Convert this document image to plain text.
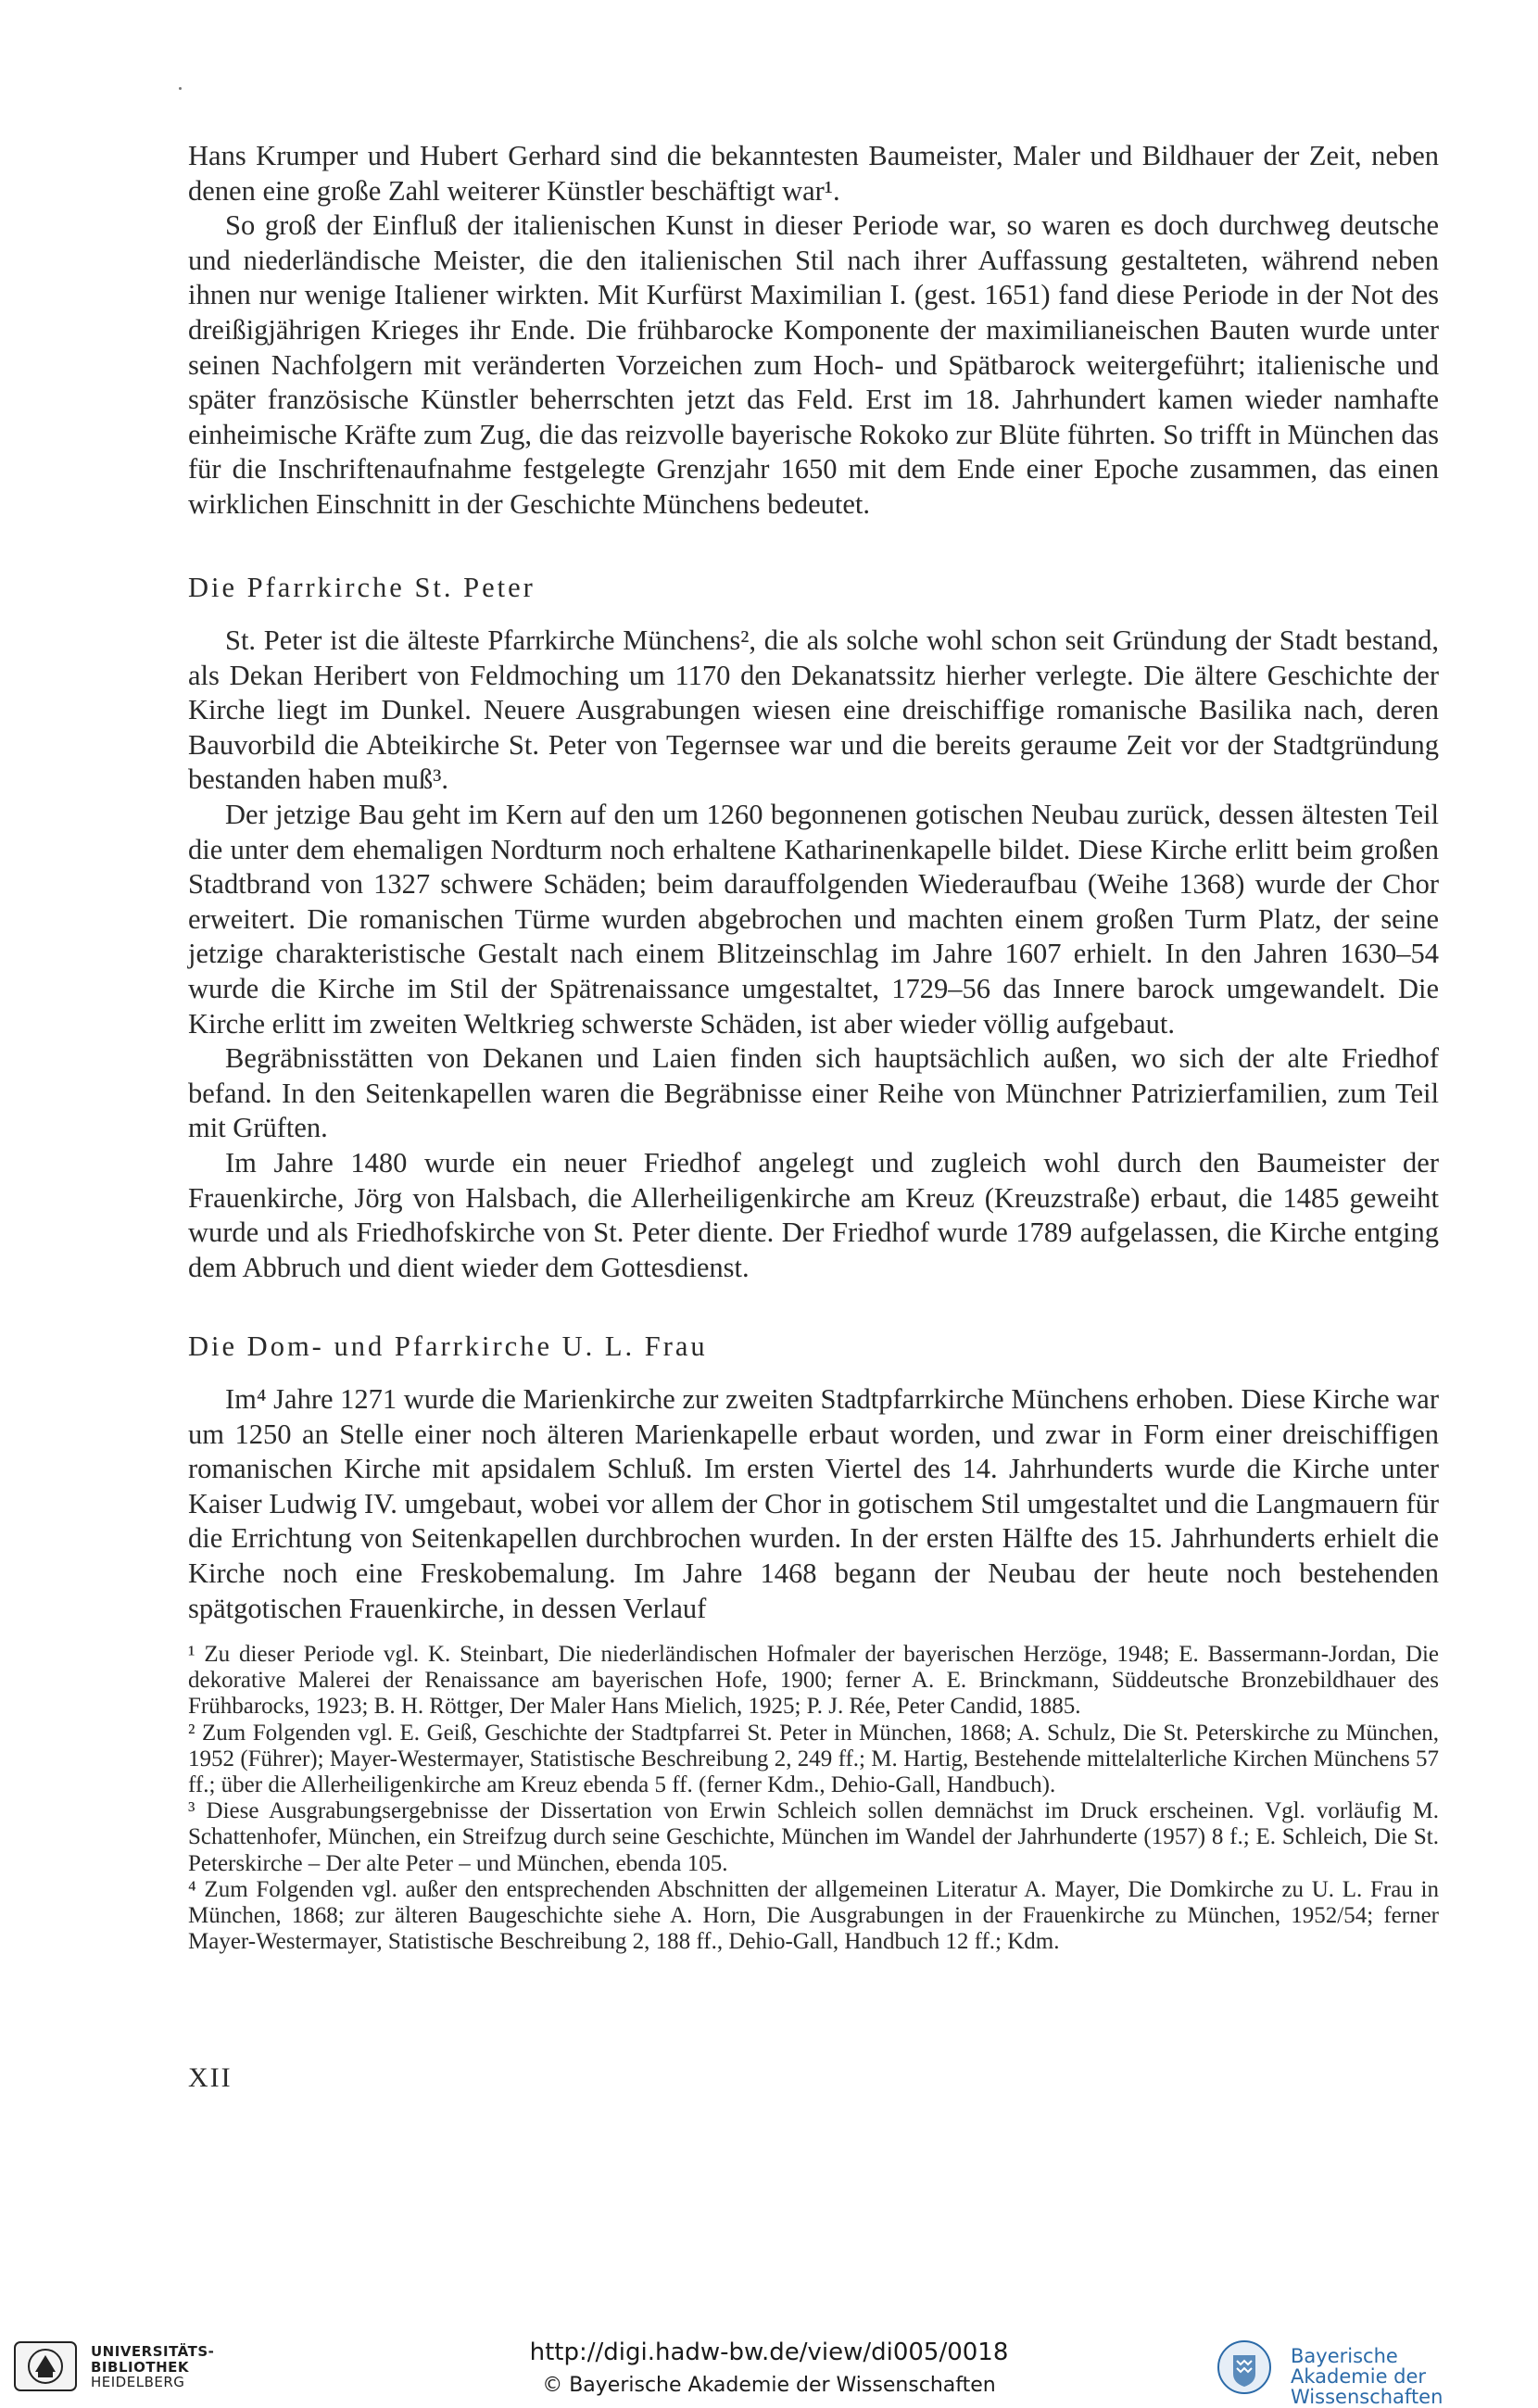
Hans Krumper und Hubert Gerhard sind die bekanntesten Baumeister, Maler und Bildhauer der Zeit, neben denen eine große Zahl weiterer Künstler beschäftigt war¹.

So groß der Einfluß der italienischen Kunst in dieser Periode war, so waren es doch durchweg deutsche und niederländische Meister, die den italienischen Stil nach ihrer Auffassung gestalteten, während neben ihnen nur wenige Italiener wirkten. Mit Kurfürst Maximilian I. (gest. 1651) fand diese Periode in der Not des dreißigjährigen Krieges ihr Ende. Die frühbarocke Komponente der maximilianeischen Bauten wurde unter seinen Nachfolgern mit veränderten Vorzeichen zum Hoch- und Spätbarock weitergeführt; italienische und später französische Künstler beherrschten jetzt das Feld. Erst im 18. Jahrhundert kamen wieder namhafte einheimische Kräfte zum Zug, die das reizvolle bayerische Rokoko zur Blüte führten. So trifft in München das für die Inschriftenaufnahme festgelegte Grenzjahr 1650 mit dem Ende einer Epoche zusammen, das einen wirklichen Einschnitt in der Geschichte Münchens bedeutet.

Die Pfarrkirche St. Peter

St. Peter ist die älteste Pfarrkirche Münchens², die als solche wohl schon seit Gründung der Stadt bestand, als Dekan Heribert von Feldmoching um 1170 den Dekanatssitz hierher verlegte. Die ältere Geschichte der Kirche liegt im Dunkel. Neuere Ausgrabungen wiesen eine dreischiffige romanische Basilika nach, deren Bauvorbild die Abteikirche St. Peter von Tegernsee war und die bereits geraume Zeit vor der Stadtgründung bestanden haben muß³.

Der jetzige Bau geht im Kern auf den um 1260 begonnenen gotischen Neubau zurück, dessen ältesten Teil die unter dem ehemaligen Nordturm noch erhaltene Katharinenkapelle bildet. Diese Kirche erlitt beim großen Stadtbrand von 1327 schwere Schäden; beim darauffolgenden Wiederaufbau (Weihe 1368) wurde der Chor erweitert. Die romanischen Türme wurden abgebrochen und machten einem großen Turm Platz, der seine jetzige charakteristische Gestalt nach einem Blitzeinschlag im Jahre 1607 erhielt. In den Jahren 1630–54 wurde die Kirche im Stil der Spätrenaissance umgestaltet, 1729–56 das Innere barock umgewandelt. Die Kirche erlitt im zweiten Weltkrieg schwerste Schäden, ist aber wieder völlig aufgebaut.

Begräbnisstätten von Dekanen und Laien finden sich hauptsächlich außen, wo sich der alte Friedhof befand. In den Seitenkapellen waren die Begräbnisse einer Reihe von Münchner Patrizierfamilien, zum Teil mit Grüften.

Im Jahre 1480 wurde ein neuer Friedhof angelegt und zugleich wohl durch den Baumeister der Frauenkirche, Jörg von Halsbach, die Allerheiligenkirche am Kreuz (Kreuzstraße) erbaut, die 1485 geweiht wurde und als Friedhofskirche von St. Peter diente. Der Friedhof wurde 1789 aufgelassen, die Kirche entging dem Abbruch und dient wieder dem Gottesdienst.

Die Dom- und Pfarrkirche U. L. Frau

Im⁴ Jahre 1271 wurde die Marienkirche zur zweiten Stadtpfarrkirche Münchens erhoben. Diese Kirche war um 1250 an Stelle einer noch älteren Marienkapelle erbaut worden, und zwar in Form einer dreischiffigen romanischen Kirche mit apsidalem Schluß. Im ersten Viertel des 14. Jahrhunderts wurde die Kirche unter Kaiser Ludwig IV. umgebaut, wobei vor allem der Chor in gotischem Stil umgestaltet und die Langmauern für die Errichtung von Seitenkapellen durchbrochen wurden. In der ersten Hälfte des 15. Jahrhunderts erhielt die Kirche noch eine Freskobemalung. Im Jahre 1468 begann der Neubau der heute noch bestehenden spätgotischen Frauenkirche, in dessen Verlauf

¹ Zu dieser Periode vgl. K. Steinbart, Die niederländischen Hofmaler der bayerischen Herzöge, 1948; E. Bassermann-Jordan, Die dekorative Malerei der Renaissance am bayerischen Hofe, 1900; ferner A. E. Brinckmann, Süddeutsche Bronzebildhauer des Frühbarocks, 1923; B. H. Röttger, Der Maler Hans Mielich, 1925; P. J. Rée, Peter Candid, 1885.

² Zum Folgenden vgl. E. Geiß, Geschichte der Stadtpfarrei St. Peter in München, 1868; A. Schulz, Die St. Peterskirche zu München, 1952 (Führer); Mayer-Westermayer, Statistische Beschreibung 2, 249 ff.; M. Hartig, Bestehende mittelalterliche Kirchen Münchens 57 ff.; über die Allerheiligenkirche am Kreuz ebenda 5 ff. (ferner Kdm., Dehio-Gall, Handbuch).

³ Diese Ausgrabungsergebnisse der Dissertation von Erwin Schleich sollen demnächst im Druck erscheinen. Vgl. vorläufig M. Schattenhofer, München, ein Streifzug durch seine Geschichte, München im Wandel der Jahrhunderte (1957) 8 f.; E. Schleich, Die St. Peterskirche – Der alte Peter – und München, ebenda 105.

⁴ Zum Folgenden vgl. außer den entsprechenden Abschnitten der allgemeinen Literatur A. Mayer, Die Domkirche zu U. L. Frau in München, 1868; zur älteren Baugeschichte siehe A. Horn, Die Ausgrabungen in der Frauenkirche zu München, 1952/54; ferner Mayer-Westermayer, Statistische Beschreibung 2, 188 ff., Dehio-Gall, Handbuch 12 ff.; Kdm.

XII

UNIVERSITÄTS-
BIBLIOTHEK
HEIDELBERG
http://digi.hadw-bw.de/view/di005/0018
© Bayerische Akademie der Wissenschaften
Bayerische
Akademie der Wissenschaften
